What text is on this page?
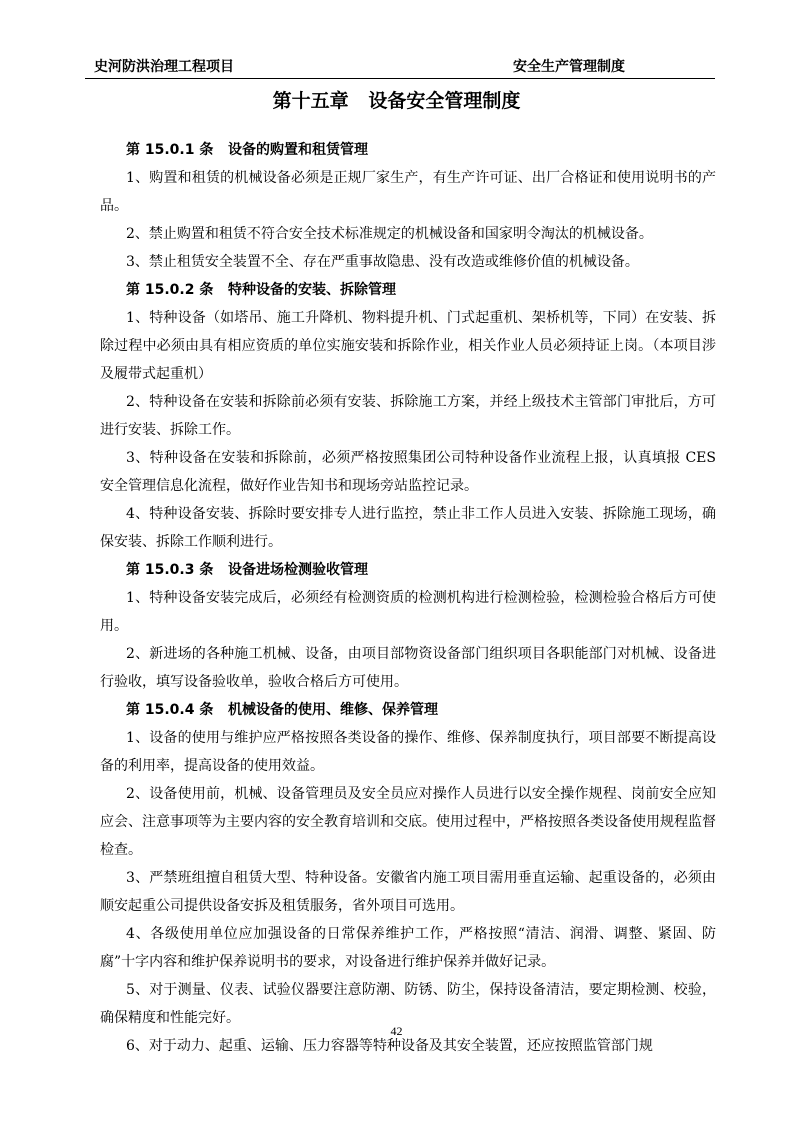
史河防洪治理工程项目	安全生产管理制度
第十五章   设备安全管理制度

第 15.0.1 条   设备的购置和租赁管理

1、购置和租赁的机械设备必须是正规厂家生产，有生产许可证、出厂合格证和使用说明书的产品。

2、禁止购置和租赁不符合安全技术标准规定的机械设备和国家明令淘汰的机械设备。

3、禁止租赁安全装置不全、存在严重事故隐患、没有改造或维修价值的机械设备。

第 15.0.2 条   特种设备的安装、拆除管理

1、特种设备（如塔吊、施工升降机、物料提升机、门式起重机、架桥机等，下同）在安装、拆除过程中必须由具有相应资质的单位实施安装和拆除作业，相关作业人员必须持证上岗。（本项目涉及履带式起重机）

2、特种设备在安装和拆除前必须有安装、拆除施工方案，并经上级技术主管部门审批后，方可进行安装、拆除工作。

3、特种设备在安装和拆除前，必须严格按照集团公司特种设备作业流程上报，认真填报 CES 安全管理信息化流程，做好作业告知书和现场旁站监控记录。

4、特种设备安装、拆除时要安排专人进行监控，禁止非工作人员进入安装、拆除施工现场，确保安装、拆除工作顺利进行。

第 15.0.3 条   设备进场检测验收管理

1、特种设备安装完成后，必须经有检测资质的检测机构进行检测检验，检测检验合格后方可使用。

2、新进场的各种施工机械、设备，由项目部物资设备部门组织项目各职能部门对机械、设备进行验收，填写设备验收单，验收合格后方可使用。

第 15.0.4 条   机械设备的使用、维修、保养管理

1、设备的使用与维护应严格按照各类设备的操作、维修、保养制度执行，项目部要不断提高设备的利用率，提高设备的使用效益。

2、设备使用前，机械、设备管理员及安全员应对操作人员进行以安全操作规程、岗前安全应知应会、注意事项等为主要内容的安全教育培训和交底。使用过程中，严格按照各类设备使用规程监督检查。

3、严禁班组擅自租赁大型、特种设备。安徽省内施工项目需用垂直运输、起重设备的，必须由顺安起重公司提供设备安拆及租赁服务，省外项目可选用。

4、各级使用单位应加强设备的日常保养维护工作，严格按照“清洁、润滑、调整、紧固、防腐”十字内容和维护保养说明书的要求，对设备进行维护保养并做好记录。

5、对于测量、仪表、试验仪器要注意防潮、防锈、防尘，保持设备清洁，要定期检测、校验，确保精度和性能完好。

6、对于动力、起重、运输、压力容器等特种设备及其安全装置，还应按照监管部门规

42
